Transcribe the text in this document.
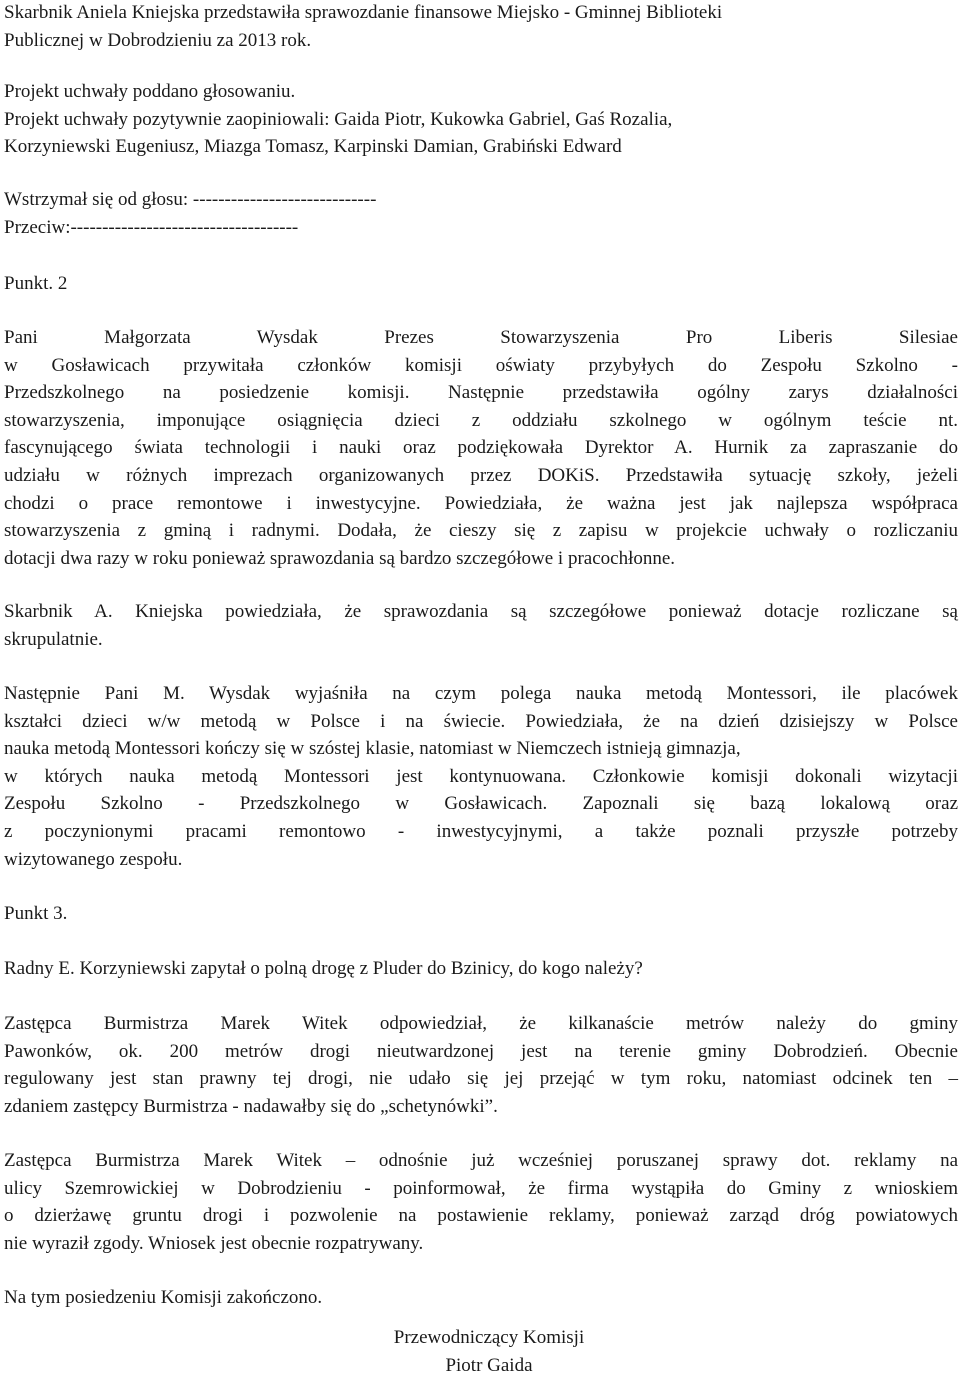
Skarbnik Aniela Kniejska przedstawiła sprawozdanie finansowe Miejsko - Gminnej Biblioteki
Publicznej w Dobrodzieniu za 2013 rok.
Projekt uchwały poddano głosowaniu.
Projekt uchwały pozytywnie zaopiniowali: Gaida Piotr, Kukowka Gabriel, Gaś Rozalia,
Korzyniewski Eugeniusz, Miazga Tomasz, Karpinski Damian, Grabiński Edward
Wstrzymał się od głosu: -----------------------------
Przeciw:------------------------------------
Punkt. 2
Pani Małgorzata Wysdak Prezes Stowarzyszenia Pro Liberis Silesiae
w Gosławicach przywitała członków komisji oświaty przybyłych do Zespołu Szkolno -
Przedszkolnego na posiedzenie komisji. Następnie przedstawiła ogólny zarys działalności
stowarzyszenia, imponujące osiągnięcia dzieci z oddziału szkolnego w ogólnym teście nt.
fascynującego świata technologii i nauki oraz podziękowała Dyrektor A. Hurnik za zapraszanie do
udziału w różnych imprezach organizowanych przez DOKiS. Przedstawiła sytuację szkoły, jeżeli
chodzi o prace remontowe i inwestycyjne. Powiedziała, że ważna jest jak najlepsza współpraca
stowarzyszenia z gminą i radnymi. Dodała, że cieszy się z zapisu w projekcie uchwały o rozliczaniu
dotacji dwa razy w roku ponieważ sprawozdania są bardzo szczegółowe i pracochłonne.
Skarbnik A. Kniejska powiedziała, że sprawozdania są szczegółowe ponieważ dotacje rozliczane są
skrupulatnie.
Następnie Pani M. Wysdak wyjaśniła na czym polega nauka metodą Montessori, ile placówek
kształci dzieci w/w metodą w Polsce i na świecie. Powiedziała, że na dzień dzisiejszy w Polsce
nauka metodą Montessori kończy się w szóstej klasie, natomiast w Niemczech istnieją gimnazja,
w których nauka metodą Montessori jest kontynuowana. Członkowie komisji dokonali wizytacji
Zespołu Szkolno - Przedszkolnego w Gosławicach. Zapoznali się bazą lokalową oraz
z poczynionymi pracami remontowo - inwestycyjnymi, a także poznali przyszłe potrzeby
wizytowanego zespołu.
Punkt 3.
Radny E. Korzyniewski zapytał o polną drogę z Pluder do Bzinicy, do kogo należy?
Zastępca Burmistrza Marek Witek odpowiedział, że kilkanaście metrów należy do gminy
Pawonków, ok. 200 metrów drogi nieutwardzonej jest na terenie gminy Dobrodzień. Obecnie
regulowany jest stan prawny tej drogi, nie udało się jej przejąć w tym roku, natomiast odcinek ten –
zdaniem zastępcy Burmistrza - nadawałby się do „schetynówki”.
Zastępca Burmistrza Marek Witek – odnośnie już wcześniej poruszanej sprawy dot. reklamy na
ulicy Szemrowickiej w Dobrodzieniu - poinformował, że firma wystąpiła do Gminy z wnioskiem
o dzierżawę gruntu drogi i pozwolenie na postawienie reklamy, ponieważ zarząd dróg powiatowych
nie wyraził zgody. Wniosek jest obecnie rozpatrywany.
Na tym posiedzeniu Komisji zakończono.
Przewodniczący Komisji
Piotr Gaida
